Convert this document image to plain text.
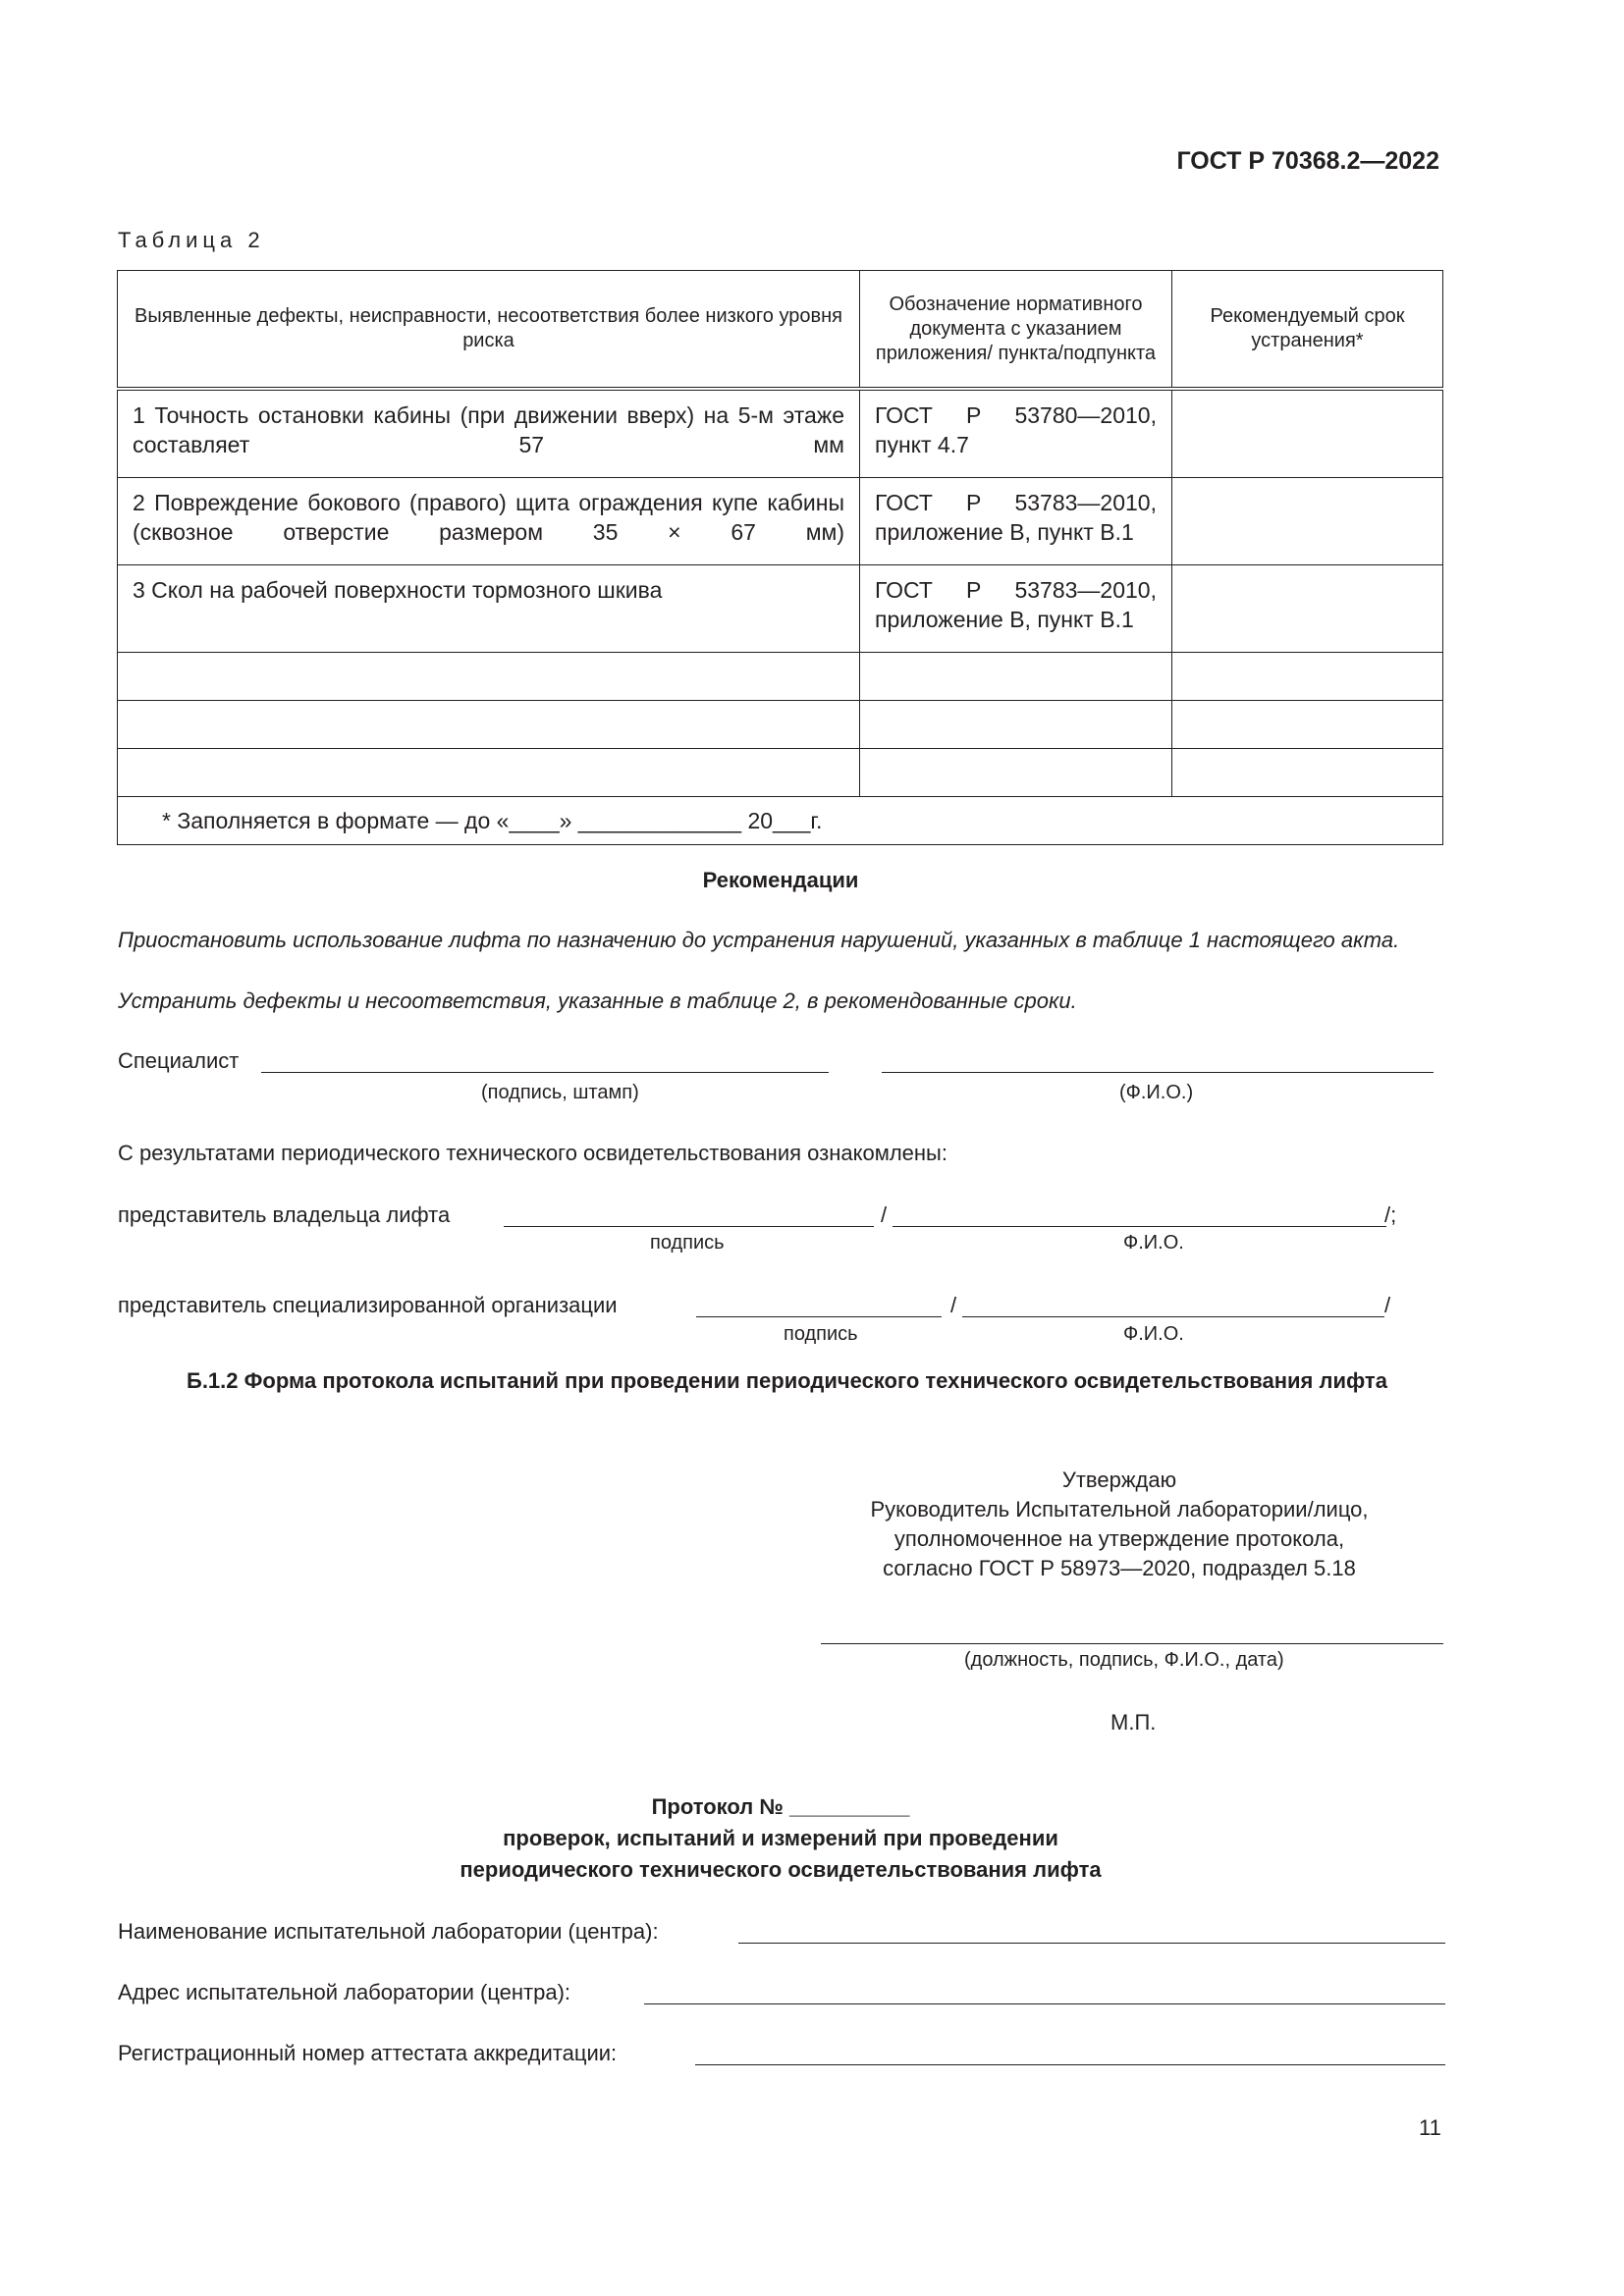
ГОСТ Р 70368.2—2022
Таблица 2
Выявленные дефекты, неисправности, несоответствия более низкого уровня риска	Обозначение нормативного документа с указанием приложения/ пункта/подпункта	Рекомендуемый срок устранения*
1 Точность остановки кабины (при движении вверх) на 5-м этаже составляет 57 мм	ГОСТ Р 53780—2010,
пункт 4.7	

2 Повреждение бокового (правого) щита ограждения купе кабины (сквозное отверстие размером 35 × 67 мм)	ГОСТ Р 53783—2010,
приложение В, пункт В.1	

3 Скол на рабочей поверхности тормозного шкива	ГОСТ Р 53783—2010,
приложение В, пункт В.1	

* Заполняется в формате — до «____» _____________ 20___г.		
Рекомендации
Приостановить использование лифта по назначению до устранения нарушений, указанных в таблице 1 настоящего акта.
Устранить дефекты и несоответствия, указанные в таблице 2, в рекомендованные сроки.
Специалист
(подпись, штамп)	(Ф.И.О.)
С результатами периодического технического освидетельствования ознакомлены:
представитель владельца лифта	/	/;
подпись	Ф.И.О.
представитель специализированной организации	/	/
подпись	Ф.И.О.
Б.1.2 Форма протокола испытаний при проведении периодического технического освидетельствования лифта
Утверждаю
Руководитель Испытательной лаборатории/лицо,
уполномоченное на утверждение протокола,
согласно ГОСТ Р 58973—2020, подраздел 5.18
(должность, подпись, Ф.И.О., дата)
М.П.
Протокол № __________
проверок, испытаний и измерений при проведении
периодического технического освидетельствования лифта
Наименование испытательной лаборатории (центра):
Адрес испытательной лаборатории (центра):
Регистрационный номер аттестата аккредитации:
11
